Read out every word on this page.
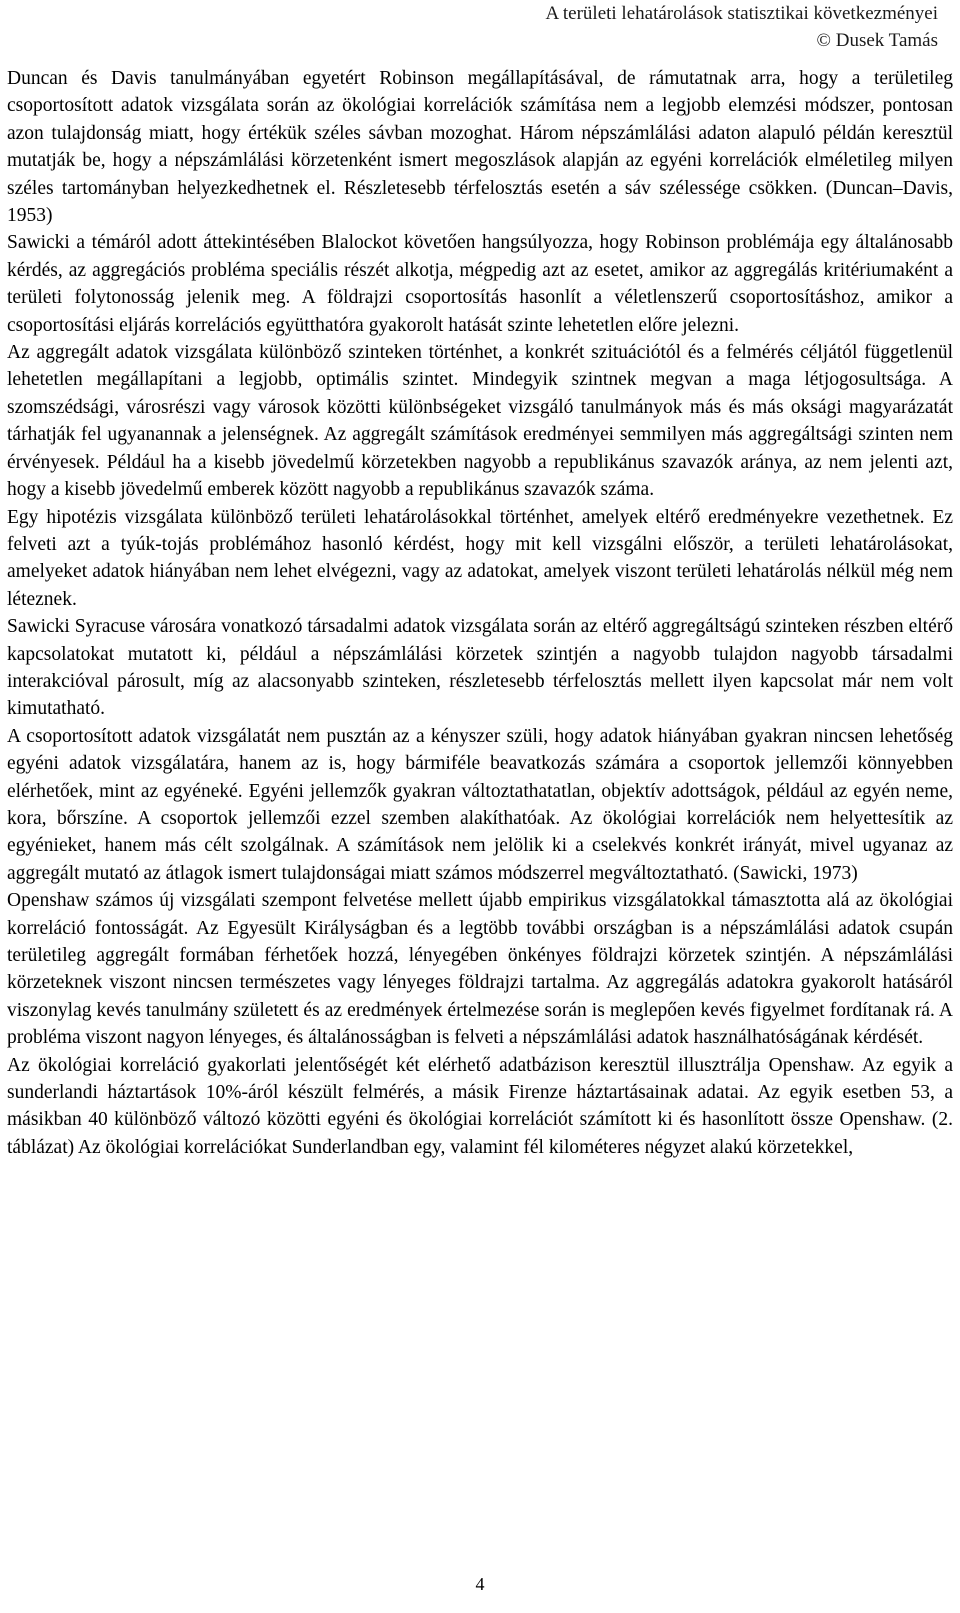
A területi lehatárolások statisztikai következményei
© Dusek Tamás

Duncan és Davis tanulmányában egyetért Robinson megállapításával, de rámutatnak arra, hogy a területileg csoportosított adatok vizsgálata során az ökológiai korrelációk számítása nem a legjobb elemzési módszer, pontosan azon tulajdonság miatt, hogy értékük széles sávban mozoghat. Három népszámlálási adaton alapuló példán keresztül mutatják be, hogy a népszámlálási körzetenként ismert megoszlások alapján az egyéni korrelációk elméletileg milyen széles tartományban helyezkedhetnek el. Részletesebb térfelosztás esetén a sáv szélessége csökken. (Duncan–Davis, 1953)

Sawicki a témáról adott áttekintésében Blalockot követően hangsúlyozza, hogy Robinson problémája egy általánosabb kérdés, az aggregációs probléma speciális részét alkotja, mégpedig azt az esetet, amikor az aggregálás kritériumaként a területi folytonosság jelenik meg. A földrajzi csoportosítás hasonlít a véletlenszerű csoportosításhoz, amikor a csoportosítási eljárás korrelációs együtthatóra gyakorolt hatását szinte lehetetlen előre jelezni.

Az aggregált adatok vizsgálata különböző szinteken történhet, a konkrét szituációtól és a felmérés céljától függetlenül lehetetlen megállapítani a legjobb, optimális szintet. Mindegyik szintnek megvan a maga létjogosultsága. A szomszédsági, városrészi vagy városok közötti különbségeket vizsgáló tanulmányok más és más oksági magyarázatát tárhatják fel ugyanannak a jelenségnek. Az aggregált számítások eredményei semmilyen más aggregáltsági szinten nem érvényesek. Például ha a kisebb jövedelmű körzetekben nagyobb a republikánus szavazók aránya, az nem jelenti azt, hogy a kisebb jövedelmű emberek között nagyobb a republikánus szavazók száma.

Egy hipotézis vizsgálata különböző területi lehatárolásokkal történhet, amelyek eltérő eredményekre vezethetnek. Ez felveti azt a tyúk-tojás problémához hasonló kérdést, hogy mit kell vizsgálni először, a területi lehatárolásokat, amelyeket adatok hiányában nem lehet elvégezni, vagy az adatokat, amelyek viszont területi lehatárolás nélkül még nem léteznek.

Sawicki Syracuse városára vonatkozó társadalmi adatok vizsgálata során az eltérő aggregáltságú szinteken részben eltérő kapcsolatokat mutatott ki, például a népszámlálási körzetek szintjén a nagyobb tulajdon nagyobb társadalmi interakcióval párosult, míg az alacsonyabb szinteken, részletesebb térfelosztás mellett ilyen kapcsolat már nem volt kimutatható.

A csoportosított adatok vizsgálatát nem pusztán az a kényszer szüli, hogy adatok hiányában gyakran nincsen lehetőség egyéni adatok vizsgálatára, hanem az is, hogy bármiféle beavatkozás számára a csoportok jellemzői könnyebben elérhetőek, mint az egyéneké. Egyéni jellemzők gyakran változtathatatlan, objektív adottságok, például az egyén neme, kora, bőrszíne. A csoportok jellemzői ezzel szemben alakíthatóak. Az ökológiai korrelációk nem helyettesítik az egyénieket, hanem más célt szolgálnak. A számítások nem jelölik ki a cselekvés konkrét irányát, mivel ugyanaz az aggregált mutató az átlagok ismert tulajdonságai miatt számos módszerrel megváltoztatható. (Sawicki, 1973)

Openshaw számos új vizsgálati szempont felvetése mellett újabb empirikus vizsgálatokkal támasztotta alá az ökológiai korreláció fontosságát. Az Egyesült Királyságban és a legtöbb további országban is a népszámlálási adatok csupán területileg aggregált formában férhetőek hozzá, lényegében önkényes földrajzi körzetek szintjén. A népszámlálási körzeteknek viszont nincsen természetes vagy lényeges földrajzi tartalma. Az aggregálás adatokra gyakorolt hatásáról viszonylag kevés tanulmány született és az eredmények értelmezése során is meglepően kevés figyelmet fordítanak rá. A probléma viszont nagyon lényeges, és általánosságban is felveti a népszámlálási adatok használhatóságának kérdését.

Az ökológiai korreláció gyakorlati jelentőségét két elérhető adatbázison keresztül illusztrálja Openshaw. Az egyik a sunderlandi háztartások 10%-áról készült felmérés, a másik Firenze háztartásainak adatai. Az egyik esetben 53, a másikban 40 különböző változó közötti egyéni és ökológiai korrelációt számított ki és hasonlított össze Openshaw. (2. táblázat) Az ökológiai korrelációkat Sunderlandban egy, valamint fél kilométeres négyzet alakú körzetekkel,

4
